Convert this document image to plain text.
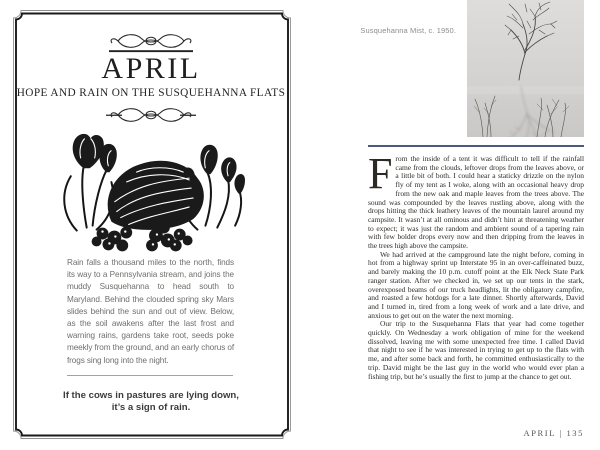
APRIL
HOPE AND RAIN ON THE SUSQUEHANNA FLATS
Rain falls a thousand miles to the north, finds its way to a Pennsylvania stream, and joins the muddy Susquehanna to head south to Maryland. Behind the clouded spring sky Mars slides behind the sun and out of view. Below, as the soil awakens after the last frost and warning rains, gardens take root, seeds poke meekly from the ground, and an early chorus of frogs sing long into the night.
If the cows in pastures are lying down,
it’s a sign of rain.
Susquehanna Mist, c. 1950.

From the inside of a tent it was difficult to tell if the rainfall came from the clouds, leftover drops from the leaves above, or a little bit of both. I could hear a staticky drizzle on the nylon fly of my tent as I woke, along with an occasional heavy drop from the new oak and maple leaves from the trees above. The sound was compounded by the leaves rustling above, along with the drops hitting the thick leathery leaves of the mountain laurel around my campsite. It wasn’t at all ominous and didn’t hint at threatening weather to expect; it was just the random and ambient sound of a tapering rain with few bolder drops every now and then dripping from the leaves in the trees high above the campsite.

We had arrived at the campground late the night before, coming in hot from a highway sprint up Interstate 95 in an over-caffeinated buzz, and barely making the 10 p.m. cutoff point at the Elk Neck State Park ranger station. After we checked in, we set up our tents in the stark, overexposed beams of our truck headlights, lit the obligatory campfire, and roasted a few hotdogs for a late dinner. Shortly afterwards, David and I turned in, tired from a long week of work and a late drive, and anxious to get out on the water the next morning.

Our trip to the Susquehanna Flats that year had come together quickly. On Wednesday a work obligation of mine for the weekend dissolved, leaving me with some unexpected free time. I called David that night to see if he was interested in trying to get up to the flats with me, and after some back and forth, he committed enthusiastically to the trip. David might be the last guy in the world who would ever plan a fishing trip, but he’s usually the first to jump at the chance to get out.

APRIL | 135
